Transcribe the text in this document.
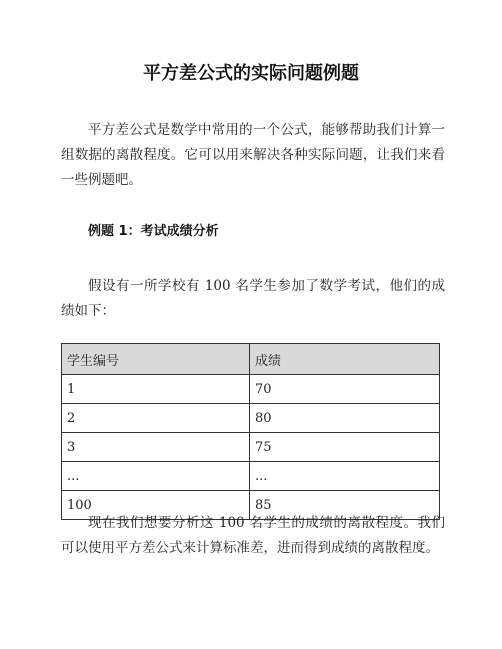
平方差公式的实际问题例题
平方差公式是数学中常用的一个公式，能够帮助我们计算一组数据的离散程度。它可以用来解决各种实际问题，让我们来看一些例题吧。
例题 1：考试成绩分析
假设有一所学校有 100 名学生参加了数学考试，他们的成绩如下：
学生编号	成绩
1	70
2	80
3	75
...	...
100	85
现在我们想要分析这 100 名学生的成绩的离散程度。我们可以使用平方差公式来计算标准差，进而得到成绩的离散程度。
